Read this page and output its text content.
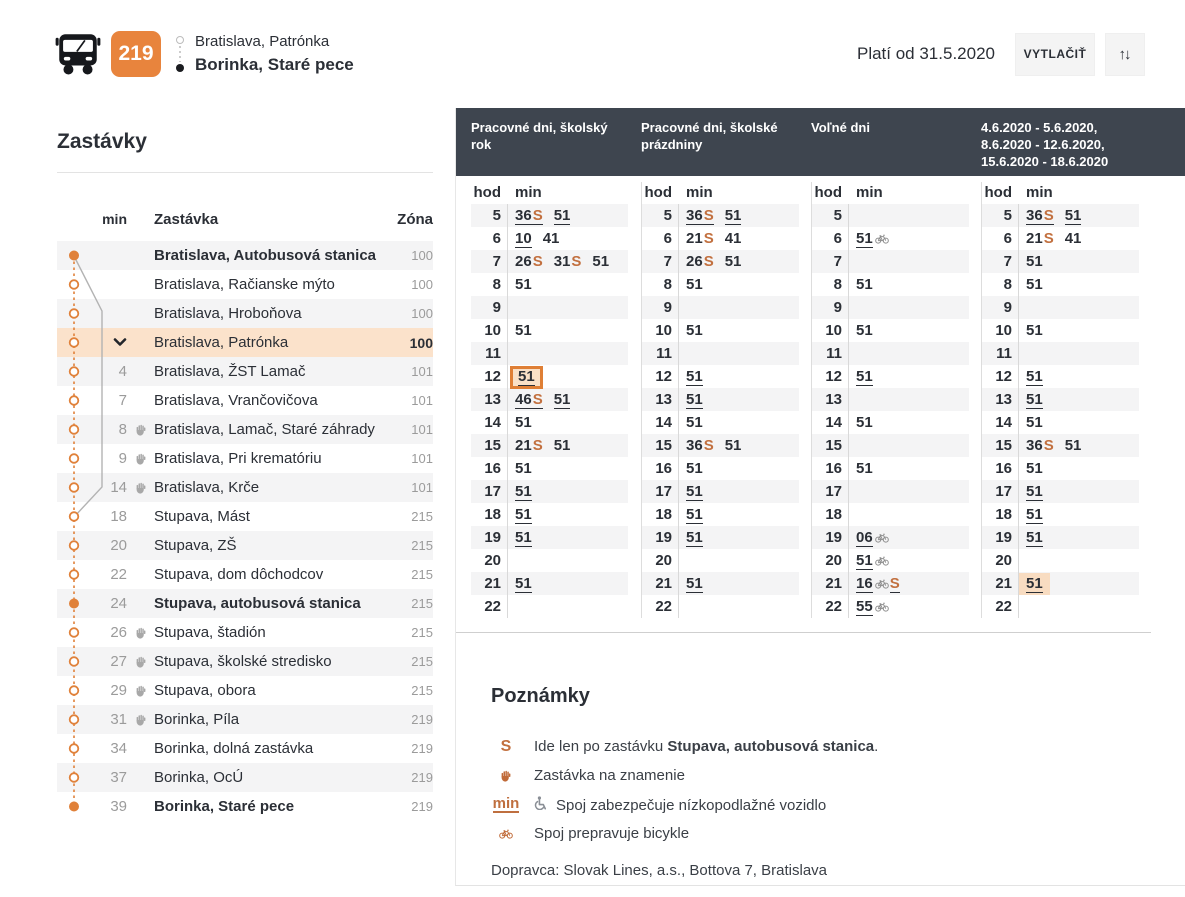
219
Bratislava, Patrónka
Borinka, Staré pece
Platí od 31.5.2020	VYTLAČIŤ	↑↓
Zastávky
min Zastávka	Zóna
Bratislava, Autobusová stanica	100
Bratislava, Račianske mýto	100
Bratislava, Hroboňova	100
Bratislava, Patrónka	100
4 Bratislava, ŽST Lamač	101
7 Bratislava, Vrančovičova	101
8 Bratislava, Lamač, Staré záhrady	101
9 Bratislava, Pri krematóriu	101
14 Bratislava, Krče	101
18 Stupava, Mást	215
20 Stupava, ZŠ	215
22 Stupava, dom dôchodcov	215
24 Stupava, autobusová stanica	215
26 Stupava, štadión	215
27 Stupava, školské stredisko	215
29 Stupava, obora	215
31 Borinka, Píla	219
34 Borinka, dolná zastávka	219
37 Borinka, OcÚ	219
39 Borinka, Staré pece	219
Pracovné dni, školský rok
Pracovné dni, školské prázdniny
Voľné dni	4.6.2020 - 5.6.2020,
8.6.2020 - 12.6.2020,
15.6.2020 - 18.6.2020
hod min
5 36S 51
6 10 41
7 26S 31S 51
8 51
9
10 51
11
12	51
13 46S 51
14 51
15 21S 51
16 51
17 51
18 51
19 51
20
21 51
22
hod min
5 36S 51
6 21S 41
7 26S 51
8 51
9
10 51
11
12 51
13 51
14 51
15 36S 51
16 51
17 51
18 51
19 51
20
21 51
22
hod min
5
6 51
7
8 51
9
10 51
11
12 51
13
14 51
15
16 51
17
18
19 06
20 51
21 16 S
22 55
hod min
5 36S 51
6 21S 41
7 51
8 51
9
10 51
11
12 51
13 51
14 51
15 36S 51
16 51
17 51
18 51
19 51
20
21 51
22
Poznámky
S Ide len po zastávku Stupava, autobusová stanica.
Zastávka na znamenie
min	Spoj zabezpečuje nízkopodlažné vozidlo
Spoj prepravuje bicykle
Dopravca: Slovak Lines, a.s., Bottova 7, Bratislava
